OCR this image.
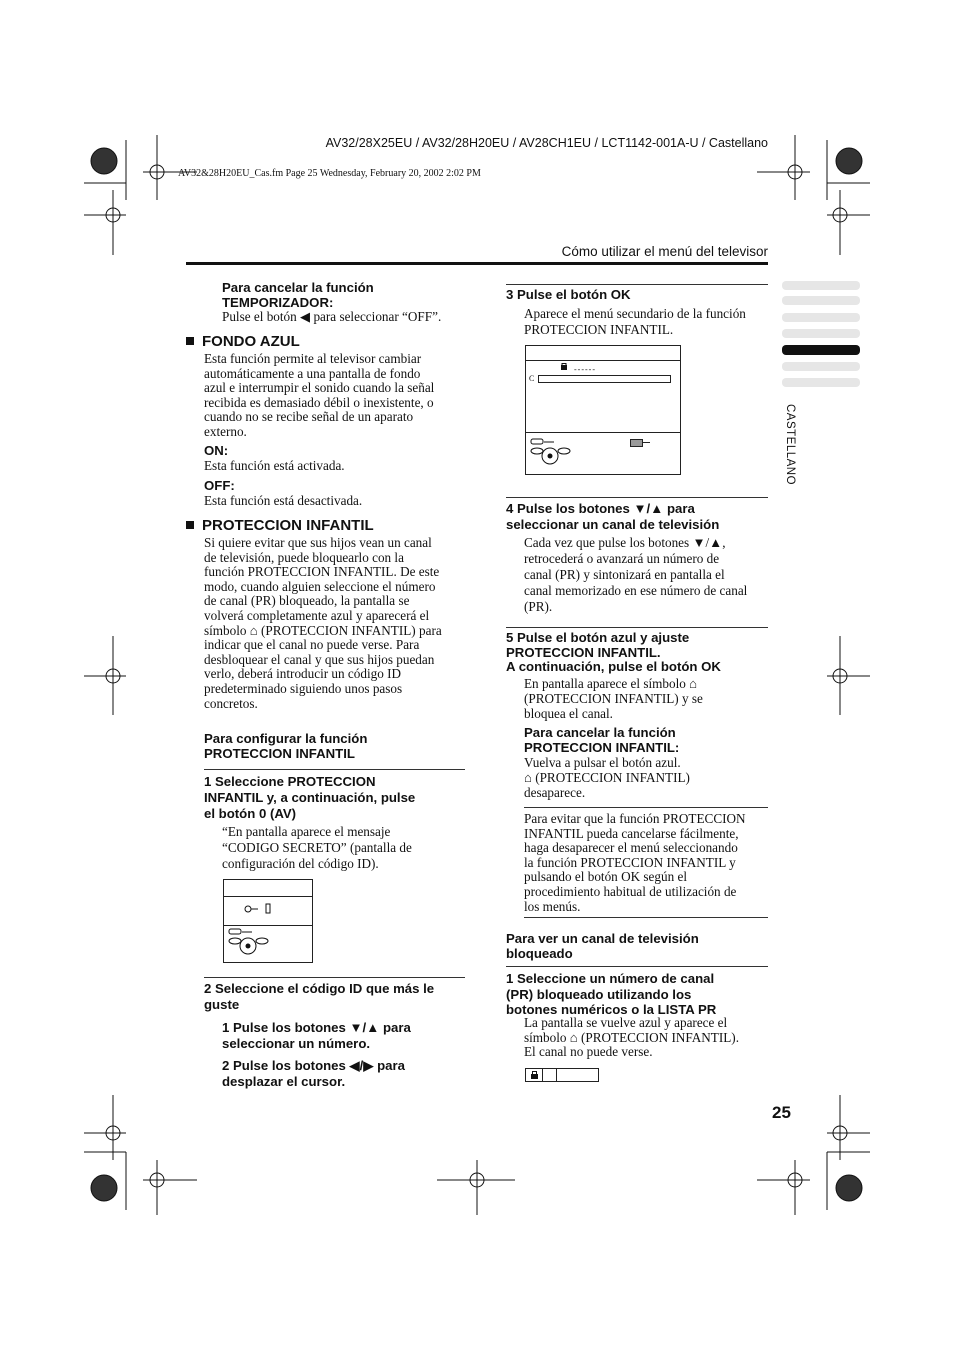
AV32/28X25EU / AV32/28H20EU / AV28CH1EU / LCT1142-001A-U / Castellano
AV32&28H20EU_Cas.fm Page 25 Wednesday, February 20, 2002 2:02 PM
Cómo utilizar el menú del televisor
CASTELLANO
Para cancelar la función
TEMPORIZADOR:
Pulse el botón ◀ para seleccionar “OFF”.
FONDO AZUL
Esta función permite al televisor cambiar
automáticamente a una pantalla de fondo
azul e interrumpir el sonido cuando la señal
recibida es demasiado débil o inexistente, o
cuando no se recibe señal de un aparato
externo.
ON:
Esta función está activada.
OFF:
Esta función está desactivada.
PROTECCION INFANTIL
Si quiere evitar que sus hijos vean un canal
de televisión, puede bloquearlo con la
función PROTECCION INFANTIL. De este
modo, cuando alguien seleccione el número
de canal (PR) bloqueado, la pantalla se
volverá completamente azul y aparecerá el
símbolo ⌂ (PROTECCION INFANTIL) para
indicar que el canal no puede verse. Para
desbloquear el canal y que sus hijos puedan
verlo, deberá introducir un código ID
predeterminado siguiendo unos pasos
concretos.
Para configurar la función
PROTECCION INFANTIL
1 Seleccione PROTECCION
INFANTIL y, a continuación, pulse
el botón 0 (AV)
“En pantalla aparece el mensaje
“CODIGO SECRETO” (pantalla de
configuración del código ID).
2 Seleccione el código ID que más le
guste
1 Pulse los botones ▼/▲ para
seleccionar un número.
2 Pulse los botones ◀/▶ para
desplazar el cursor.
3 Pulse el botón OK
Aparece el menú secundario de la función
PROTECCION INFANTIL.
------
C
4 Pulse los botones ▼/▲ para
seleccionar un canal de televisión
Cada vez que pulse los botones ▼/▲,
retrocederá o avanzará un número de
canal (PR) y sintonizará en pantalla el
canal memorizado en ese número de canal
(PR).
5 Pulse el botón azul y ajuste
PROTECCION INFANTIL.
A continuación, pulse el botón OK
En pantalla aparece el símbolo ⌂
(PROTECCION INFANTIL) y se
bloquea el canal.
Para cancelar la función
PROTECCION INFANTIL:
Vuelva a pulsar el botón azul.
⌂ (PROTECCION INFANTIL)
desaparece.
Para evitar que la función PROTECCION
INFANTIL pueda cancelarse fácilmente,
haga desaparecer el menú seleccionando
la función PROTECCION INFANTIL y
pulsando el botón OK según el
procedimiento habitual de utilización de
los menús.
Para ver un canal de televisión
bloqueado
1 Seleccione un número de canal
(PR) bloqueado utilizando los
botones numéricos o la LISTA PR
La pantalla se vuelve azul y aparece el
símbolo ⌂ (PROTECCION INFANTIL).
El canal no puede verse.
25
